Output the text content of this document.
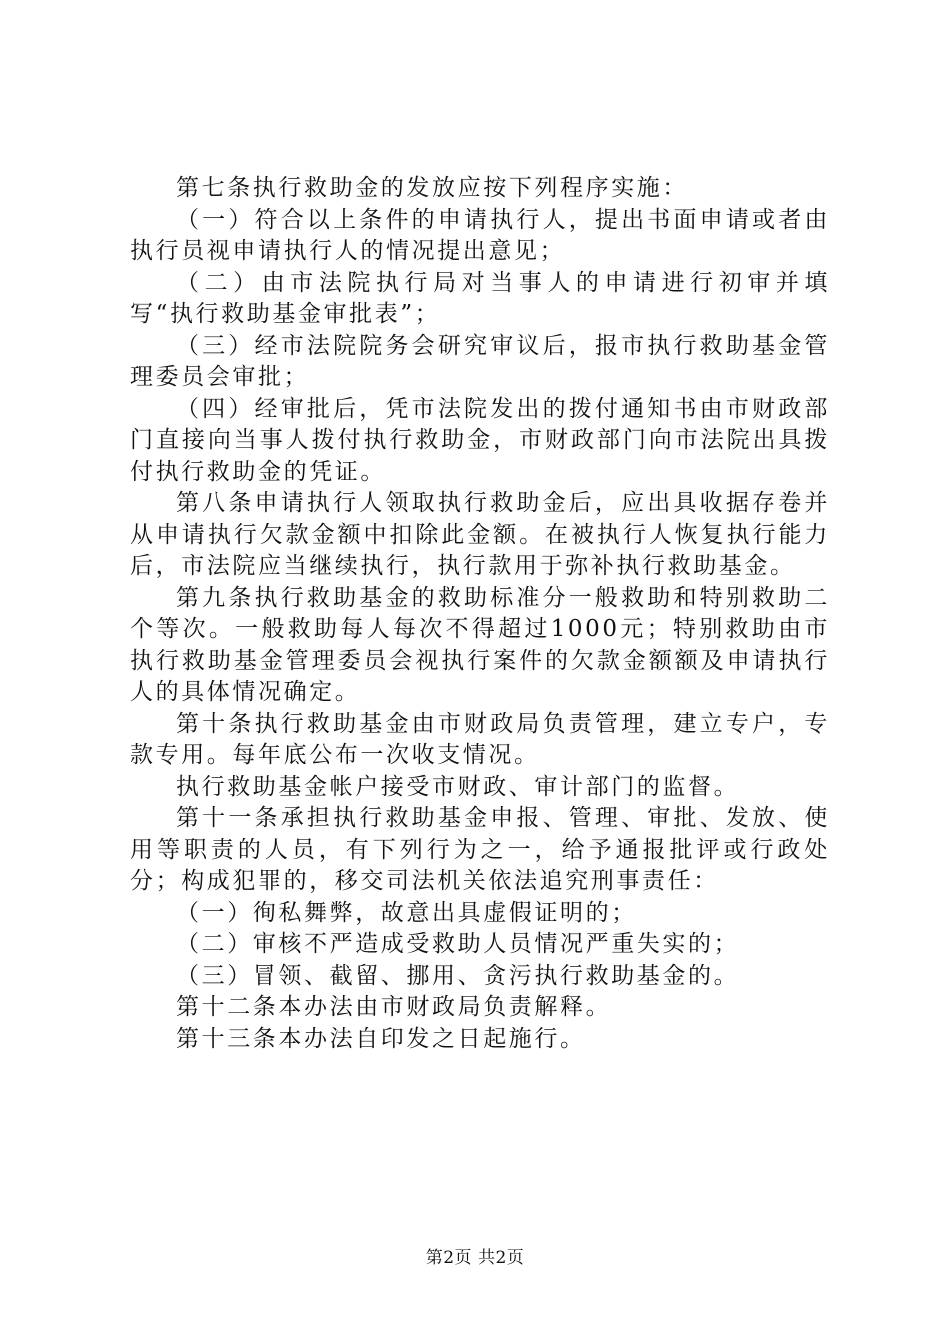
第七条执行救助金的发放应按下列程序实施：

（一）符合以上条件的申请执行人，提出书面申请或者由执行员视申请执行人的情况提出意见；

（二）由市法院执行局对当事人的申请进行初审并填写“执行救助基金审批表”；

（三）经市法院院务会研究审议后，报市执行救助基金管理委员会审批；

（四）经审批后，凭市法院发出的拨付通知书由市财政部门直接向当事人拨付执行救助金，市财政部门向市法院出具拨付执行救助金的凭证。

第八条申请执行人领取执行救助金后，应出具收据存卷并从申请执行欠款金额中扣除此金额。在被执行人恢复执行能力后，市法院应当继续执行，执行款用于弥补执行救助基金。

第九条执行救助基金的救助标准分一般救助和特别救助二个等次。一般救助每人每次不得超过1000元；特别救助由市执行救助基金管理委员会视执行案件的欠款金额额及申请执行人的具体情况确定。

第十条执行救助基金由市财政局负责管理，建立专户，专款专用。每年底公布一次收支情况。

执行救助基金帐户接受市财政、审计部门的监督。

第十一条承担执行救助基金申报、管理、审批、发放、使用等职责的人员，有下列行为之一，给予通报批评或行政处分；构成犯罪的，移交司法机关依法追究刑事责任：

（一）徇私舞弊，故意出具虚假证明的；

（二）审核不严造成受救助人员情况严重失实的；

（三）冒领、截留、挪用、贪污执行救助基金的。

第十二条本办法由市财政局负责解释。

第十三条本办法自印发之日起施行。

第2页 共2页
